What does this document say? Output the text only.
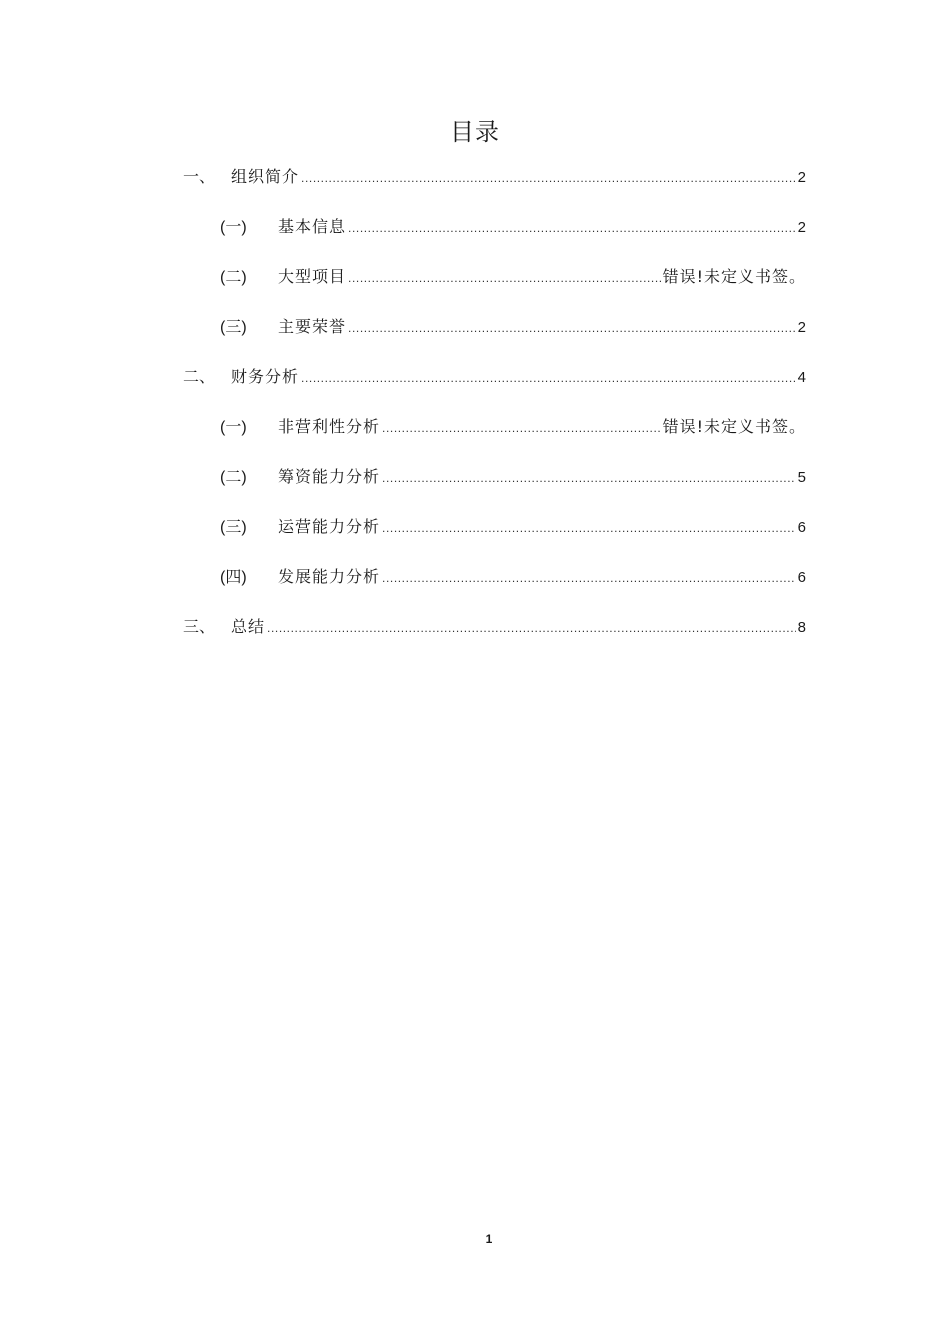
目录
一、 组织简介 .....	2
(一)	基本信息 .....	2
(二)	大型项目 .....	错误!未定义书签。
(三)	主要荣誉 .....	2
二、 财务分析 .....	4
(一)	非营利性分析 .....	错误!未定义书签。
(二)	筹资能力分析 .....	5
(三)	运营能力分析 .....	6
(四)	发展能力分析 .....	6
三、 总结 .....	8
1
